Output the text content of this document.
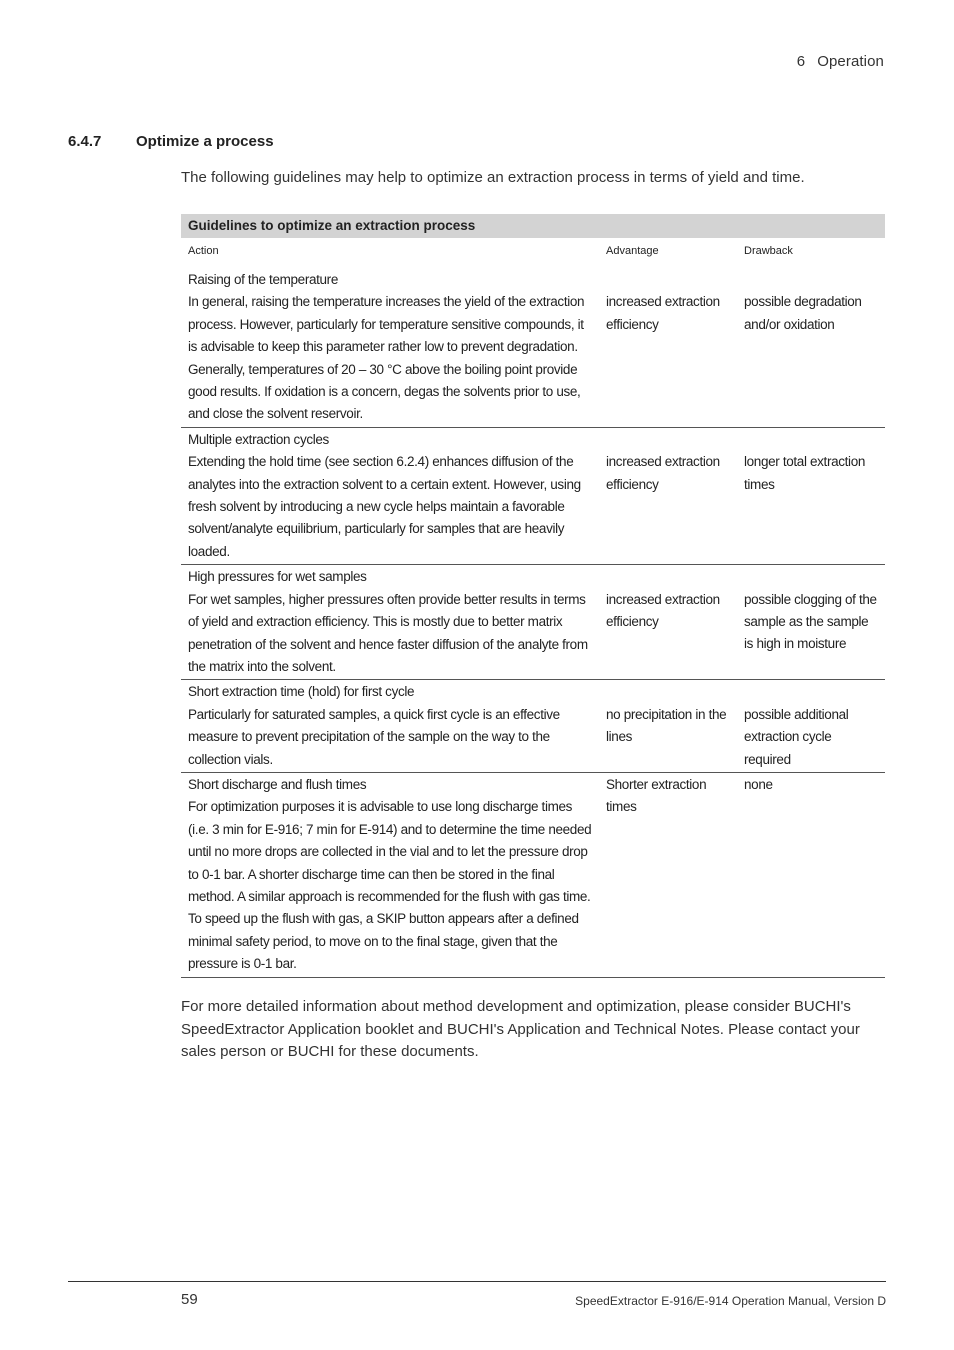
6 Operation
6.4.7 Optimize a process
The following guidelines may help to optimize an extraction process in terms of yield and time.
Guidelines to optimize an extraction process		
Action	Advantage	Drawback

Raising of the temperature
In general, raising the temperature increases the yield of the extraction process. However, particularly for temperature sensitive compounds, it is advisable to keep this parameter rather low to prevent degradation. Generally, temperatures of 20 – 30 °C above the boiling point provide good results. If oxidation is a concern, degas the solvents prior to use, and close the solvent reservoir.	increased extraction efficiency	possible degradation and/or oxidation

Multiple extraction cycles
Extending the hold time (see section 6.2.4) enhances diffusion of the analytes into the extraction solvent to a certain extent. However, using fresh solvent by introducing a new cycle helps maintain a favorable solvent/analyte equilibrium, particularly for samples that are heavily loaded.	increased extraction efficiency	longer total extraction times

High pressures for wet samples
For wet samples, higher pressures often provide better results in terms of yield and extraction efficiency. This is mostly due to better matrix penetration of the solvent and hence faster diffusion of the analyte from the matrix into the solvent.	increased extraction efficiency	possible clogging of the sample as the sample is high in moisture

Short extraction time (hold) for first cycle
Particularly for saturated samples, a quick first cycle is an effective measure to prevent precipitation of the sample on the way to the collection vials.	no precipitation in the lines	possible additional extraction cycle required

Short discharge and flush times
For optimization purposes it is advisable to use long discharge times (i.e. 3 min for E-916; 7 min for E-914) and to determine the time needed until no more drops are collected in the vial and to let the pressure drop to 0-1 bar. A shorter discharge time can then be stored in the final method. A similar approach is recommended for the flush with gas time. To speed up the flush with gas, a SKIP button appears after a defined minimal safety period, to move on to the final stage, given that the pressure is 0-1 bar.	Shorter extraction times	none
For more detailed information about method development and optimization, please consider BUCHI's SpeedExtractor Application booklet and BUCHI's Application and Technical Notes. Please contact your sales person or BUCHI for these documents.
59	SpeedExtractor E-916/E-914 Operation Manual, Version D
